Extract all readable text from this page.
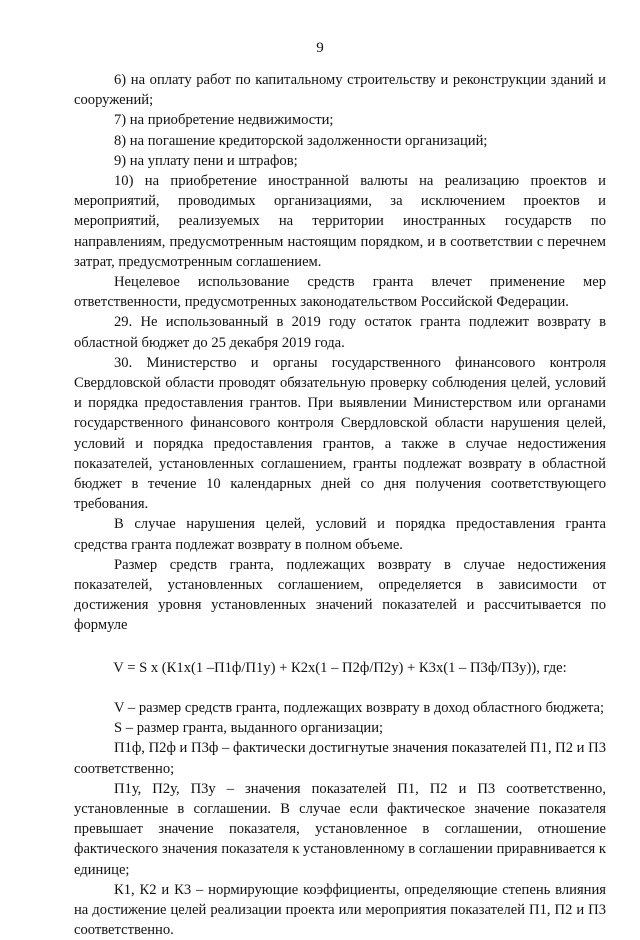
9

6) на оплату работ по капитальному строительству и реконструкции зданий и сооружений;

7) на приобретение недвижимости;

8) на погашение кредиторской задолженности организаций;

9) на уплату пени и штрафов;

10) на приобретение иностранной валюты на реализацию проектов и мероприятий, проводимых организациями, за исключением проектов и мероприятий, реализуемых на территории иностранных государств по направлениям, предусмотренным настоящим порядком, и в соответствии с перечнем затрат, предусмотренным соглашением.

Нецелевое использование средств гранта влечет применение мер ответственности, предусмотренных законодательством Российской Федерации.

29. Не использованный в 2019 году остаток гранта подлежит возврату в областной бюджет до 25 декабря 2019 года.

30. Министерство и органы государственного финансового контроля Свердловской области проводят обязательную проверку соблюдения целей, условий и порядка предоставления грантов. При выявлении Министерством или органами государственного финансового контроля Свердловской области нарушения целей, условий и порядка предоставления грантов, а также в случае недостижения показателей, установленных соглашением, гранты подлежат возврату в областной бюджет в течение 10 календарных дней со дня получения соответствующего требования.

В случае нарушения целей, условий и порядка предоставления гранта средства гранта подлежат возврату в полном объеме.

Размер средств гранта, подлежащих возврату в случае недостижения показателей, установленных соглашением, определяется в зависимости от достижения уровня установленных значений показателей и рассчитывается по формуле

V = S x (К1x(1 –П1ф/П1у) + К2x(1 – П2ф/П2у) + К3x(1 – П3ф/П3у)), где:

V – размер средств гранта, подлежащих возврату в доход областного бюджета;

S – размер гранта, выданного организации;

П1ф, П2ф и П3ф – фактически достигнутые значения показателей П1, П2 и П3 соответственно;

П1у, П2у, П3у – значения показателей П1, П2 и П3 соответственно, установленные в соглашении. В случае если фактическое значение показателя превышает значение показателя, установленное в соглашении, отношение фактического значения показателя к установленному в соглашении приравнивается к единице;

К1, К2 и К3 – нормирующие коэффициенты, определяющие степень влияния на достижение целей реализации проекта или мероприятия показателей П1, П2 и П3 соответственно.
